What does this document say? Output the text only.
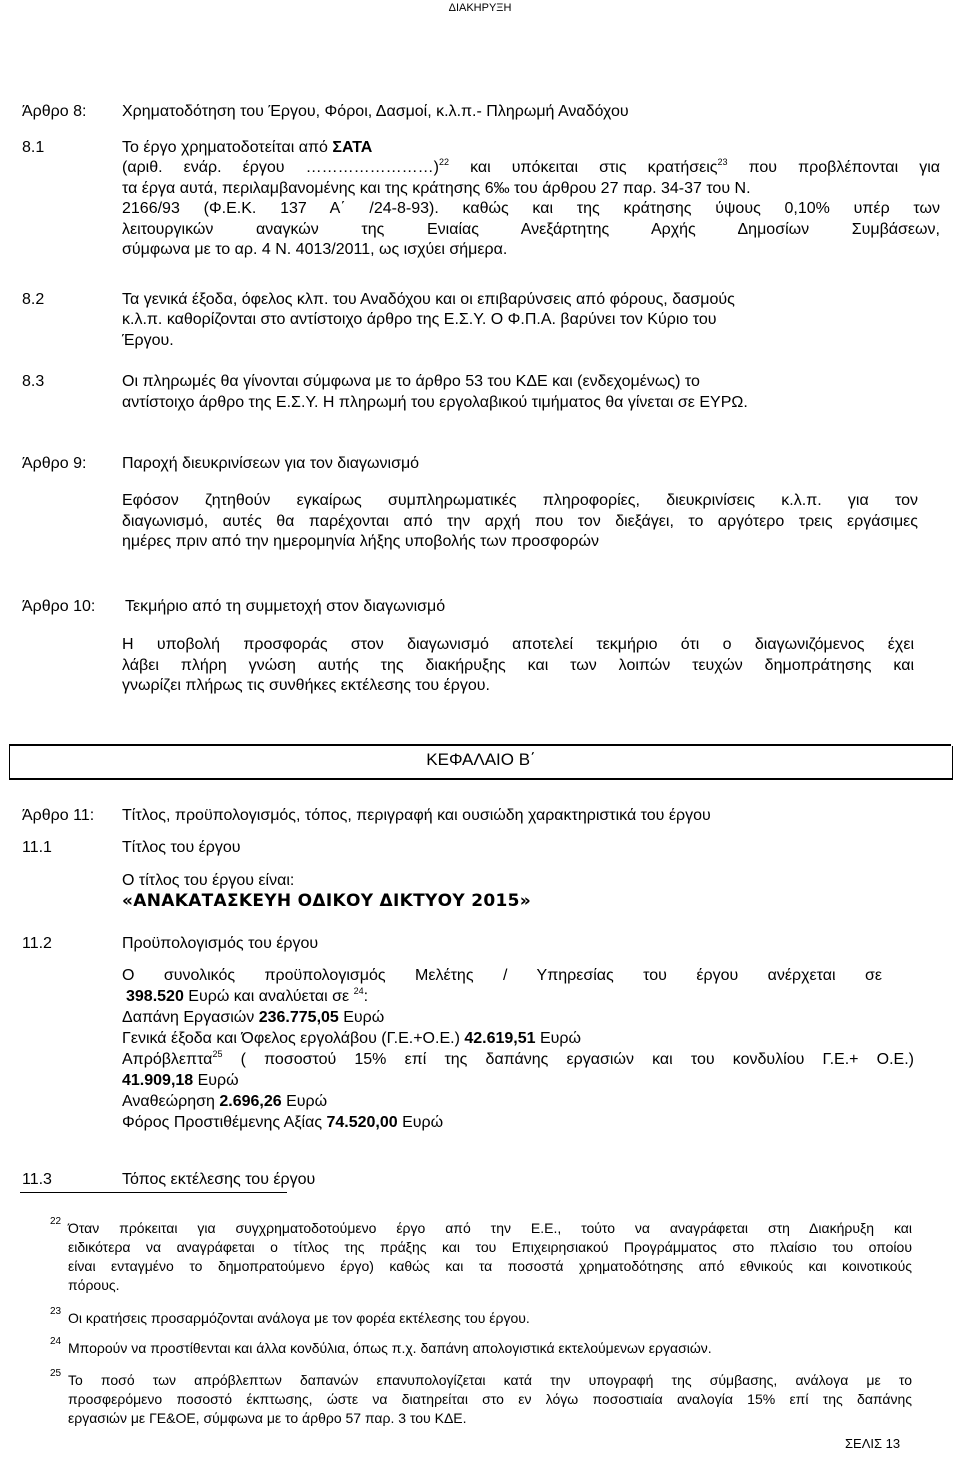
ΔΙΑΚΗΡΥΞΗ
Άρθρο 8: Χρηματοδότηση του Έργου, Φόροι, Δασμοί, κ.λ.π.- Πληρωμή Αναδόχου
8.1	Το έργο χρηματοδοτείται από ΣΑΤΑ
(αριθ. ενάρ. έργου ……………………)$^{22}$ και υπόκειται στις κρατήσεις$^{23}$ που προβλέπονται για
τα έργα αυτά, περιλαμβανομένης και της κράτησης 6‰ του άρθρου 27 παρ. 34-37 του Ν.
2166/93 (Φ.Ε.Κ. 137 Α΄ /24-8-93). καθώς και της κράτησης ύψους 0,10% υπέρ των
λειτουργικών αναγκών της Ενιαίας Ανεξάρτητης Αρχής Δημοσίων Συμβάσεων,
σύμφωνα με το αρ. 4 Ν. 4013/2011, ως ισχύει σήμερα.
8.2	Τα γενικά έξοδα, όφελος κλπ. του Αναδόχου και οι επιβαρύνσεις από φόρους, δασμούς
κ.λ.π. καθορίζονται στο αντίστοιχο άρθρο της Ε.Σ.Υ. Ο Φ.Π.Α. βαρύνει τον Κύριο του
Έργου.
8.3	Οι πληρωμές θα γίνονται σύμφωνα με το άρθρο 53 του ΚΔΕ και (ενδεχομένως) το
αντίστοιχο άρθρο της Ε.Σ.Υ. Η πληρωμή του εργολαβικού τιμήματος θα γίνεται σε ΕΥΡΩ.
Άρθρο 9: Παροχή διευκρινίσεων για τον διαγωνισμό
Εφόσον ζητηθούν εγκαίρως συμπληρωματικές πληροφορίες, διευκρινίσεις κ.λ.π. για τον
διαγωνισμό, αυτές θα παρέχονται από την αρχή που τον διεξάγει, το αργότερο τρεις εργάσιμες
ημέρες πριν από την ημερομηνία λήξης υποβολής των προσφορών
Άρθρο 10: Τεκμήριο από τη συμμετοχή στον διαγωνισμό
Η υποβολή προσφοράς στον διαγωνισμό αποτελεί τεκμήριο ότι ο διαγωνιζόμενος έχει
λάβει πλήρη γνώση αυτής της διακήρυξης και των λοιπών τευχών δημοπράτησης και
γνωρίζει πλήρως τις συνθήκες εκτέλεσης του έργου.
ΚΕΦΑΛΑΙΟ Β΄
Άρθρο 11: Τίτλος, προϋπολογισμός, τόπος, περιγραφή και ουσιώδη χαρακτηριστικά του έργου
11.1	Τίτλος του έργου
Ο τίτλος του έργου είναι:
«ΑΝΑΚΑΤΑΣΚΕΥΗ ΟΔΙΚΟΥ ΔΙΚΤΥΟΥ 2015»
11.2	Προϋπολογισμός του έργου
Ο συνολικός προϋπολογισμός Μελέτης / Υπηρεσίας του έργου ανέρχεται σε
398.520 Ευρώ και αναλύεται σε $^{24}$:
Δαπάνη Εργασιών 236.775,05 Ευρώ
Γενικά έξοδα και Όφελος εργολάβου (Γ.Ε.+Ο.Ε.) 42.619,51 Ευρώ
Απρόβλεπτα$^{25}$ ( ποσοστού 15% επί της δαπάνης εργασιών και του κονδυλίου Γ.Ε.+ Ο.Ε.)
41.909,18 Ευρώ
Αναθεώρηση 2.696,26 Ευρώ
Φόρος Προστιθέμενης Αξίας 74.520,00 Ευρώ
11.3	Τόπος εκτέλεσης του έργου
22 Όταν πρόκειται για συγχρηματοδοτούμενο έργο από την Ε.Ε., τούτο να αναγράφεται στη Διακήρυξη και
ειδικότερα να αναγράφεται ο τίτλος της πράξης και του Επιχειρησιακού Προγράμματος στο πλαίσιο του οποίου
είναι ενταγμένο το δημοπρατούμενο έργο) καθώς και τα ποσοστά χρηματοδότησης από εθνικούς και κοινοτικούς
πόρους.
23 Οι κρατήσεις προσαρμόζονται ανάλογα με τον φορέα εκτέλεσης του έργου.
24 Μπορούν να προστίθενται και άλλα κονδύλια, όπως π.χ. δαπάνη απολογιστικά εκτελούμενων εργασιών.
25 Το ποσό των απρόβλεπτων δαπανών επανυπολογίζεται κατά την υπογραφή της σύμβασης, ανάλογα με το
προσφερόμενο ποσοστό έκπτωσης, ώστε να διατηρείται στο εν λόγω ποσοστιαία αναλογία 15% επί της δαπάνης
εργασιών με ΓΕ&ΟΕ, σύμφωνα με το άρθρο 57 παρ. 3 του ΚΔΕ.
ΣΕΛΙΣ 13
